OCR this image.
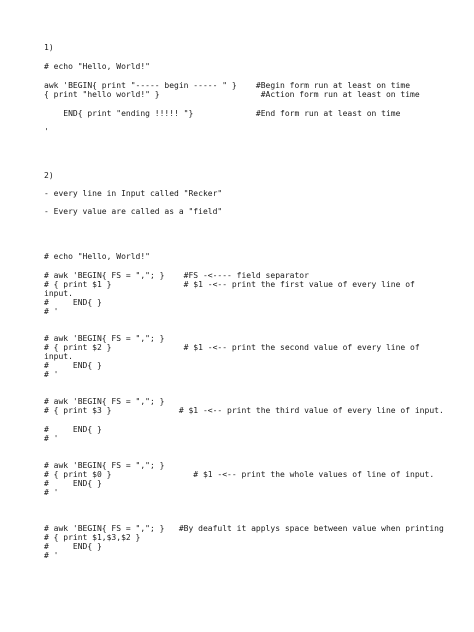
1)
# echo "Hello, World!"
awk 'BEGIN{ print "----- begin ----- " }    #Begin form run at least on time
{ print "hello world!" }                     #Action form run at least on time
END{ print "ending !!!!! "}             #End form run at least on time
'
2)
- every line in Input called "Recker"
- Every value are called as a "field"
# echo "Hello, World!"
# awk 'BEGIN{ FS = ","; }    #FS -<---- field separator
# { print $1 }               # $1 -<-- print the first value of every line of
input.
#     END{ }
# '
# awk 'BEGIN{ FS = ","; }
# { print $2 }               # $1 -<-- print the second value of every line of
input.
#     END{ }
# '
# awk 'BEGIN{ FS = ","; }
# { print $3 }              # $1 -<-- print the third value of every line of input.
#     END{ }
# '
# awk 'BEGIN{ FS = ","; }
# { print $0 }                 # $1 -<-- print the whole values of line of input.
#     END{ }
# '
# awk 'BEGIN{ FS = ","; }   #By deafult it applys space between value when printing
# { print $1,$3,$2 }
#     END{ }
# '
